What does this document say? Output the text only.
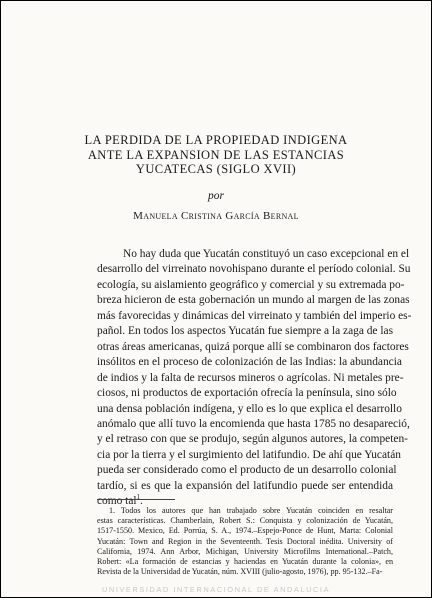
LA PERDIDA DE LA PROPIEDAD INDIGENA
ANTE LA EXPANSION DE LAS ESTANCIAS
YUCATECAS (SIGLO XVII)
por
Manuela Cristina García Bernal
No hay duda que Yucatán constituyó un caso excepcional en el
desarrollo del virreinato novohispano durante el período colonial. Su
ecología, su aislamiento geográfico y comercial y su extremada po-
breza hicieron de esta gobernación un mundo al margen de las zonas
más favorecidas y dinámicas del virreinato y también del imperio es-
pañol. En todos los aspectos Yucatán fue siempre a la zaga de las
otras áreas americanas, quizá porque allí se combinaron dos factores
insólitos en el proceso de colonización de las Indias: la abundancia
de indios y la falta de recursos mineros o agrícolas. Ni metales pre-
ciosos, ni productos de exportación ofrecía la península, sino sólo
una densa población indígena, y ello es lo que explica el desarrollo
anómalo que allí tuvo la encomienda que hasta 1785 no desapareció,
y el retraso con que se produjo, según algunos autores, la competen-
cia por la tierra y el surgimiento del latifundio. De ahí que Yucatán
pueda ser considerado como el producto de un desarrollo colonial
tardío, si es que la expansión del latifundio puede ser entendida
como tal$^1$.
1. Todos los autores que han trabajado sobre Yucatán coinciden en resaltar
estas características. Chamberlain, Robert S.: Conquista y colonización de Yucatán,
1517-1550. Mexico, Ed. Porrúa, S. A., 1974.–Espejo-Ponce de Hunt, Marta: Colonial
Yucatán: Town and Region in the Seventeenth. Tesis Doctoral inédita. University of
California, 1974. Ann Arbor, Michigan, University Microfilms International.–Patch,
Robert: «La formación de estancias y haciendas en Yucatán durante la colonia», en
Revista de la Universidad de Yucatán, núm. XVIII (julio-agosto, 1976), pp. 95-132.–Fa-
UNIVERSIDAD INTERNACIONAL DE ANDALUCIA
